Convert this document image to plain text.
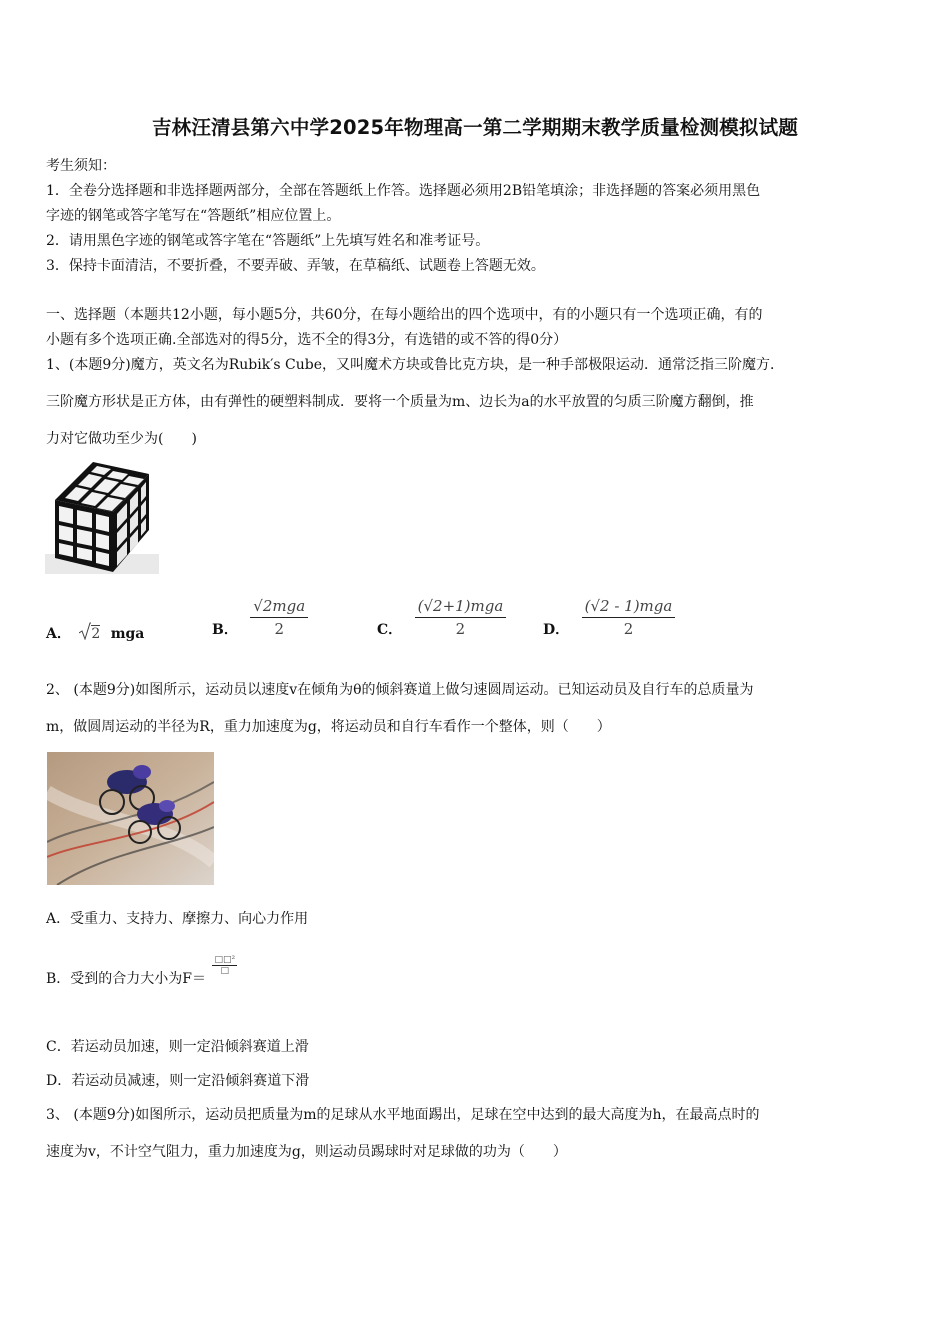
吉林汪清县第六中学2025年物理高一第二学期期末教学质量检测模拟试题
考生须知：
1．全卷分选择题和非选择题两部分，全部在答题纸上作答。选择题必须用2B铅笔填涂；非选择题的答案必须用黑色
字迹的钢笔或答字笔写在“答题纸”相应位置上。
2．请用黑色字迹的钢笔或答字笔在“答题纸”上先填写姓名和准考证号。
3．保持卡面清洁，不要折叠，不要弄破、弄皱，在草稿纸、试题卷上答题无效。
一、选择题（本题共12小题，每小题5分，共60分，在每小题给出的四个选项中，有的小题只有一个选项正确，有的
小题有多个选项正确.全部选对的得5分，选不全的得3分，有选错的或不答的得0分）
1、(本题9分)魔方，英文名为Rubik′s Cube，又叫魔术方块或鲁比克方块，是一种手部极限运动．通常泛指三阶魔方．
三阶魔方形状是正方体，由有弹性的硬塑料制成．要将一个质量为m、边长为a的水平放置的匀质三阶魔方翻倒，推
力对它做功至少为(　　)
A． 2 mga	B． $\frac{\text{√2mga}}{2}$	C． $\frac{\text{(√2+1)mga}}{2}$	D． $\frac{\text{(√2 - 1)mga}}{2}$
2、 (本题9分)如图所示，运动员以速度v在倾角为θ的倾斜赛道上做匀速圆周运动。已知运动员及自行车的总质量为
m，做圆周运动的半径为R，重力加速度为g，将运动员和自行车看作一个整体，则（　　）
A．受重力、支持力、摩擦力、向心力作用
B．受到的合力大小为F＝
$\frac{\text{□□²}}{□}$
C．若运动员加速，则一定沿倾斜赛道上滑
D．若运动员减速，则一定沿倾斜赛道下滑
3、 (本题9分)如图所示，运动员把质量为m的足球从水平地面踢出，足球在空中达到的最大高度为h，在最高点时的
速度为v，不计空气阻力，重力加速度为g，则运动员踢球时对足球做的功为（　　）
